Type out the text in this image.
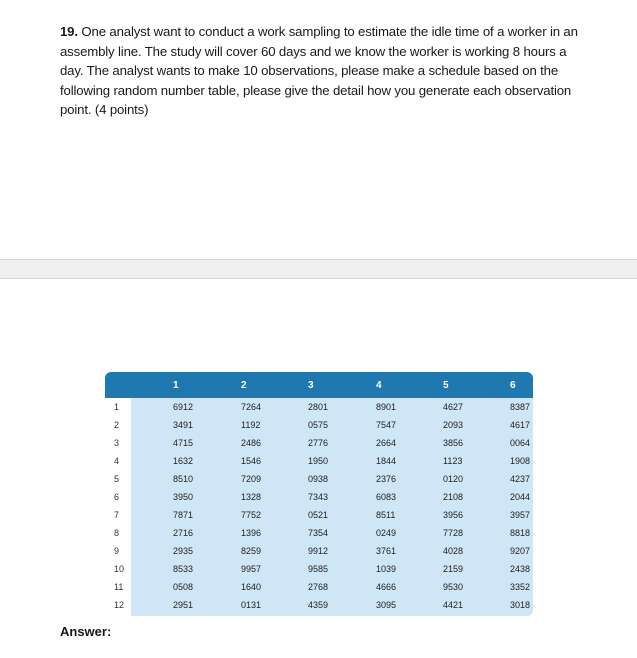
19. One analyst want to conduct a work sampling to estimate the idle time of a worker in an assembly line. The study will cover 60 days and we know the worker is working 8 hours a day. The analyst wants to make 10 observations, please make a schedule based on the following random number table, please give the detail how you generate each observation point. (4 points)
	1	2	3	4	5	6	
1	6912	7264	2801	8901	4627	8387	
2	3491	1192	0575	7547	2093	4617	
3	4715	2486	2776	2664	3856	0064	
4	1632	1546	1950	1844	1123	1908	
5	8510	7209	0938	2376	0120	4237	
6	3950	1328	7343	6083	2108	2044	
7	7871	7752	0521	8511	3956	3957	
8	2716	1396	7354	0249	7728	8818	
9	2935	8259	9912	3761	4028	9207	
10	8533	9957	9585	1039	2159	2438	
11	0508	1640	2768	4666	9530	3352	
12	2951	0131	4359	3095	4421	3018	
Answer:
